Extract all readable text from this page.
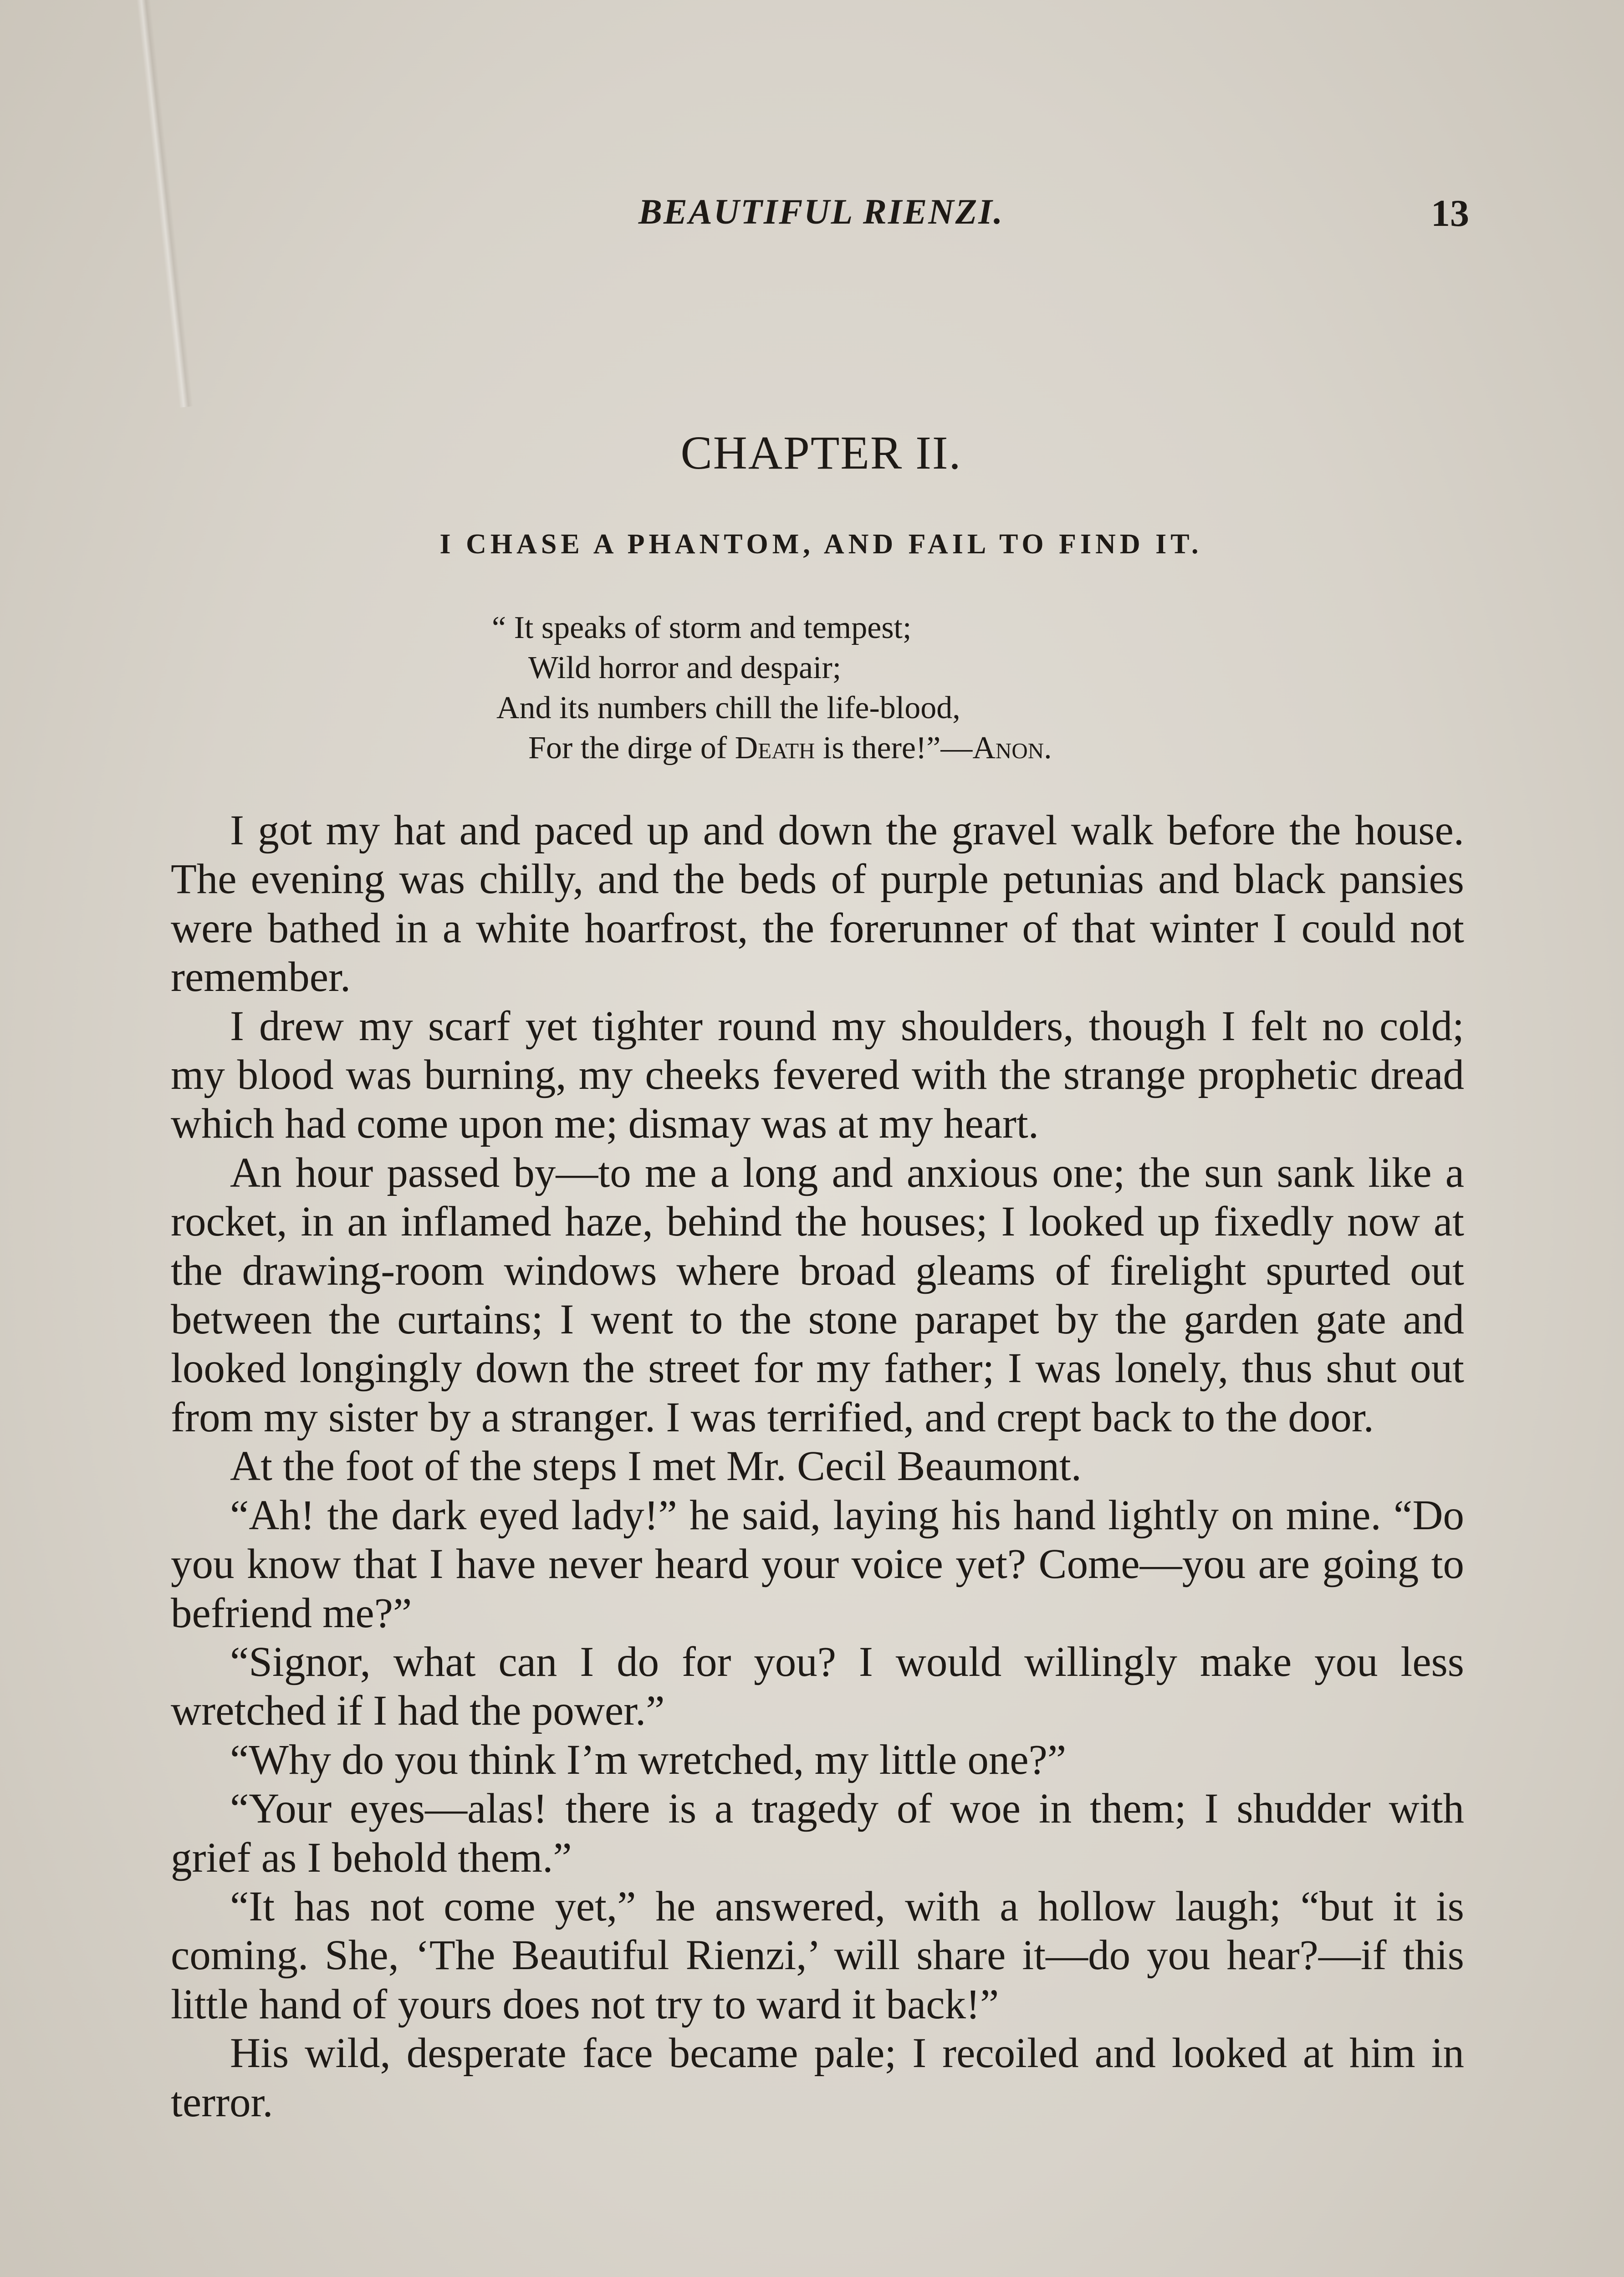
BEAUTIFUL RIENZI.	13
CHAPTER II.
I CHASE A PHANTOM, AND FAIL TO FIND IT.
“ It speaks of storm and tempest;
Wild horror and despair;
And its numbers chill the life-blood,
For the dirge of Death is there!”—Anon.

I got my hat and paced up and down the gravel walk before the house. The evening was chilly, and the beds of purple petunias and black pansies were bathed in a white hoarfrost, the forerunner of that winter I could not remember.

I drew my scarf yet tighter round my shoulders, though I felt no cold; my blood was burning, my cheeks fevered with the strange prophetic dread which had come upon me; dismay was at my heart.

An hour passed by—to me a long and anxious one; the sun sank like a rocket, in an inflamed haze, behind the houses; I looked up fixedly now at the drawing-room windows where broad gleams of firelight spurted out between the curtains; I went to the stone parapet by the garden gate and looked longingly down the street for my father; I was lonely, thus shut out from my sister by a stranger. I was terrified, and crept back to the door.

At the foot of the steps I met Mr. Cecil Beaumont.

“Ah! the dark eyed lady!” he said, laying his hand lightly on mine. “Do you know that I have never heard your voice yet? Come—you are going to befriend me?”

“Signor, what can I do for you? I would willingly make you less wretched if I had the power.”

“Why do you think I’m wretched, my little one?”

“Your eyes—alas! there is a tragedy of woe in them; I shudder with grief as I behold them.”

“It has not come yet,” he answered, with a hollow laugh; “but it is coming. She, ‘The Beautiful Rienzi,’ will share it—do you hear?—if this little hand of yours does not try to ward it back!”

His wild, desperate face became pale; I recoiled and looked at him in terror.
